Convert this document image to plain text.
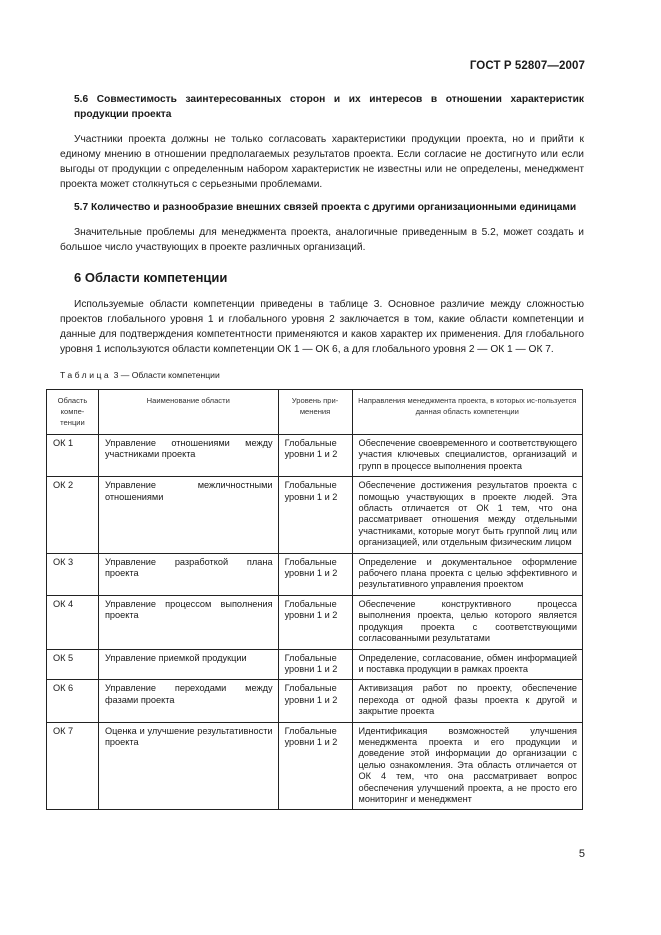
ГОСТ Р 52807—2007
5.6 Совместимость заинтересованных сторон и их интересов в отношении характеристик продукции проекта
Участники проекта должны не только согласовать характеристики продукции проекта, но и прийти к единому мнению в отношении предполагаемых результатов проекта. Если согласие не достигнуто или если выгоды от продукции с определенным набором характеристик не известны или не определены, менеджмент проекта может столкнуться с серьезными проблемами.
5.7 Количество и разнообразие внешних связей проекта с другими организационными единицами
Значительные проблемы для менеджмента проекта, аналогичные приведенным в 5.2, может создать и большое число участвующих в проекте различных организаций.
6 Области компетенции
Используемые области компетенции приведены в таблице 3. Основное различие между сложностью проектов глобального уровня 1 и глобального уровня 2 заключается в том, какие области компетенции и данные для подтверждения компетентности применяются и каков характер их применения. Для глобального уровня 1 используются области компетенции ОК 1 — ОК 6, а для глобального уровня 2 — ОК 1 — ОК 7.
Таблица 3 — Области компетенции
Область компе-тенции	Наименование области	Уровень при-менения	Направления менеджмента проекта, в которых ис-пользуется данная область компетенции
ОК 1	Управление отношениями между участниками проекта	Глобальные уровни 1 и 2	Обеспечение своевременного и соответствующего участия ключевых специалистов, организаций и групп в процессе выполнения проекта
ОК 2	Управление межличностными отношениями	Глобальные уровни 1 и 2	Обеспечение достижения результатов проекта с помощью участвующих в проекте людей. Эта область отличается от ОК 1 тем, что она рассматривает отношения между отдельными участниками, которые могут быть группой лиц или организацией, или отдельным физическим лицом
ОК 3	Управление разработкой плана проекта	Глобальные уровни 1 и 2	Определение и документальное оформление рабочего плана проекта с целью эффективного и результативного управления проектом
ОК 4	Управление процессом выполнения проекта	Глобальные уровни 1 и 2	Обеспечение конструктивного процесса выполнения проекта, целью которого является продукция проекта с соответствующими согласованными результатами
ОК 5	Управление приемкой продукции	Глобальные уровни 1 и 2	Определение, согласование, обмен информацией и поставка продукции в рамках проекта
ОК 6	Управление переходами между фазами проекта	Глобальные уровни 1 и 2	Активизация работ по проекту, обеспечение перехода от одной фазы проекта к другой и закрытие проекта
ОК 7	Оценка и улучшение результативности проекта	Глобальные уровни 1 и 2	Идентификация возможностей улучшения менеджмента проекта и его продукции и доведение этой информации до организации с целью ознакомления. Эта область отличается от ОК 4 тем, что она рассматривает вопрос обеспечения улучшений проекта, а не просто его мониторинг и менеджмент
5
